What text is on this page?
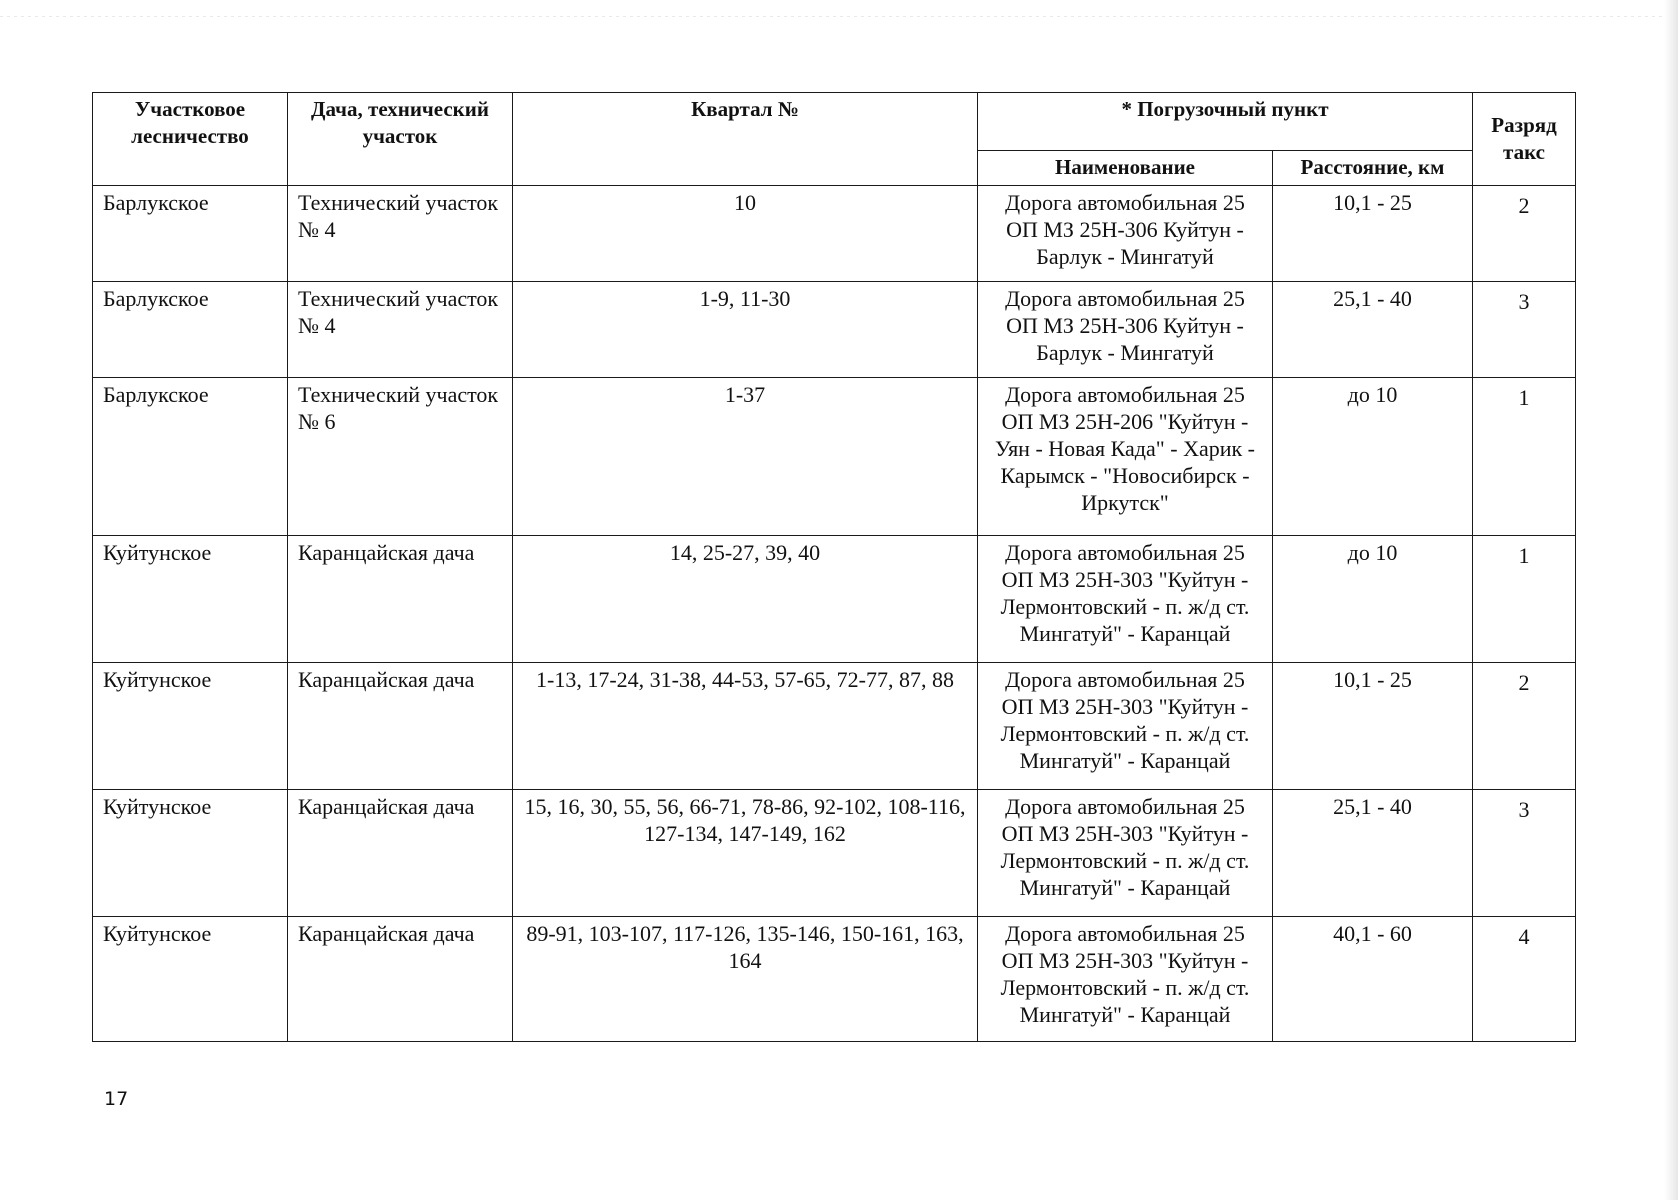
Участковое лесничество	Дача, технический участок	Квартал №	* Погрузочный пункт		Разряд такс
			Наименование	Расстояние, км	
Барлукское	Технический участок № 4	10	Дорога автомобильная 25 ОП МЗ 25Н-306 Куйтун - Барлук - Мингатуй	10,1 - 25	2
Барлукское	Технический участок № 4	1-9, 11-30	Дорога автомобильная 25 ОП МЗ 25Н-306 Куйтун - Барлук - Мингатуй	25,1 - 40	3
Барлукское	Технический участок № 6	1-37	Дорога автомобильная 25 ОП МЗ 25Н-206 "Куйтун - Уян - Новая Када" - Харик - Карымск - "Новосибирск - Иркутск"	до 10	1
Куйтунское	Каранцайская дача	14, 25-27, 39, 40	Дорога автомобильная 25 ОП МЗ 25Н-303 "Куйтун - Лермонтовский - п. ж/д ст. Мингатуй" - Каранцай	до 10	1
Куйтунское	Каранцайская дача	1-13, 17-24, 31-38, 44-53, 57-65, 72-77, 87, 88	Дорога автомобильная 25 ОП МЗ 25Н-303 "Куйтун - Лермонтовский - п. ж/д ст. Мингатуй" - Каранцай	10,1 - 25	2
Куйтунское	Каранцайская дача	15, 16, 30, 55, 56, 66-71, 78-86, 92-102, 108-116, 127-134, 147-149, 162	Дорога автомобильная 25 ОП МЗ 25Н-303 "Куйтун - Лермонтовский - п. ж/д ст. Мингатуй" - Каранцай	25,1 - 40	3
Куйтунское	Каранцайская дача	89-91, 103-107, 117-126, 135-146, 150-161, 163, 164	Дорога автомобильная 25 ОП МЗ 25Н-303 "Куйтун - Лермонтовский - п. ж/д ст. Мингатуй" - Каранцай	40,1 - 60	4
17
